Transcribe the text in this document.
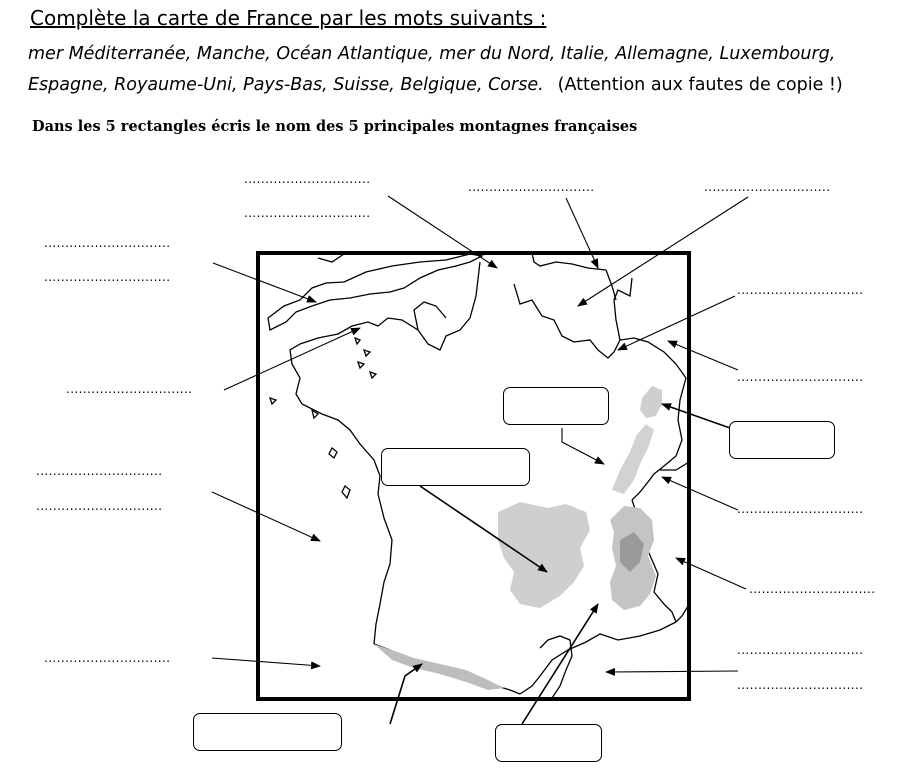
Complète la carte de France par les mots suivants :
mer Méditerranée, Manche, Océan Atlantique, mer du Nord, Italie, Allemagne, Luxembourg,
Espagne, Royaume-Uni, Pays-Bas, Suisse, Belgique, Corse. (Attention aux fautes de copie !)
Dans les 5 rectangles écris le nom des 5 principales montagnes françaises
..............................
..............................
..............................
..............................
..............................	..............................
..............................
..............................
..............................
..............................
..............................	..............................
..............................
..............................
..............................
..............................
